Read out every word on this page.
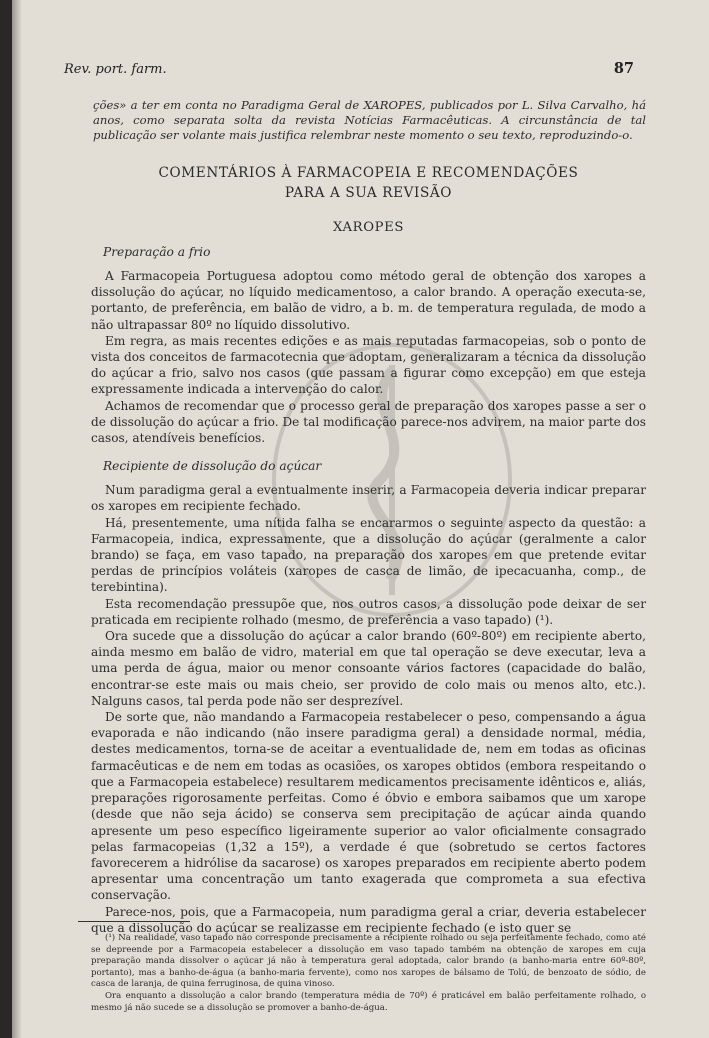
Rev. port. farm.	87

ções» a ter em conta no Paradigma Geral de XAROPES, publicados por L. Silva Carvalho, há anos, como separata solta da revista Notícias Farmacêuticas. A circunstância de tal publicação ser volante mais justifica relembrar neste momento o seu texto, reproduzindo-o.

COMENTÁRIOS À FARMACOPEIA E RECOMENDAÇÕES

PARA A SUA REVISÃO

XAROPES

Preparação a frio

A Farmacopeia Portuguesa adoptou como método geral de obtenção dos xaropes a dissolução do açúcar, no líquido medicamentoso, a calor brando. A operação executa-se, portanto, de preferência, em balão de vidro, a b. m. de temperatura regulada, de modo a não ultrapassar 80º no líquido dissolutivo.

Em regra, as mais recentes edições e as mais reputadas farmacopeias, sob o ponto de vista dos conceitos de farmacotecnia que adoptam, generalizaram a técnica da dissolução do açúcar a frio, salvo nos casos (que passam a figurar como excepção) em que esteja expressamente indicada a intervenção do calor.

Achamos de recomendar que o processo geral de preparação dos xaropes passe a ser o de dissolução do açúcar a frio. De tal modificação parece-nos advirem, na maior parte dos casos, atendíveis benefícios.

Recipiente de dissolução do açúcar

Num paradigma geral a eventualmente inserir, a Farmacopeia deveria indicar preparar os xaropes em recipiente fechado.

Há, presentemente, uma nítida falha se encararmos o seguinte aspecto da questão: a Farmacopeia, indica, expressamente, que a dissolução do açúcar (geralmente a calor brando) se faça, em vaso tapado, na preparação dos xaropes em que pretende evitar perdas de princípios voláteis (xaropes de casca de limão, de ipecacuanha, comp., de terebintina).

Esta recomendação pressupõe que, nos outros casos, a dissolução pode deixar de ser praticada em recipiente rolhado (mesmo, de preferência a vaso tapado) (¹).

Ora sucede que a dissolução do açúcar a calor brando (60º-80º) em recipiente aberto, ainda mesmo em balão de vidro, material em que tal operação se deve executar, leva a uma perda de água, maior ou menor consoante vários factores (capacidade do balão, encontrar-se este mais ou mais cheio, ser provido de colo mais ou menos alto, etc.). Nalguns casos, tal perda pode não ser desprezível.

De sorte que, não mandando a Farmacopeia restabelecer o peso, compensando a água evaporada e não indicando (não insere paradigma geral) a densidade normal, média, destes medicamentos, torna-se de aceitar a eventualidade de, nem em todas as oficinas farmacêuticas e de nem em todas as ocasiões, os xaropes obtidos (embora respeitando o que a Farmacopeia estabelece) resultarem medicamentos precisamente idênticos e, aliás, preparações rigorosamente perfeitas. Como é óbvio e embora saibamos que um xarope (desde que não seja ácido) se conserva sem precipitação de açúcar ainda quando apresente um peso específico ligeiramente superior ao valor oficialmente consagrado pelas farmacopeias (1,32 a 15º), a verdade é que (sobretudo se certos factores favorecerem a hidrólise da sacarose) os xaropes preparados em recipiente aberto podem apresentar uma concentração um tanto exagerada que comprometa a sua efectiva conservação.

Parece-nos, pois, que a Farmacopeia, num paradigma geral a criar, deveria estabelecer que a dissolução do açúcar se realizasse em recipiente fechado (e isto quer se

(¹) Na realidade, vaso tapado não corresponde precisamente a recipiente rolhado ou seja perfeitamente fechado, como até se depreende por a Farmacopeia estabelecer a dissolução em vaso tapado também na obtenção de xaropes em cuja preparação manda dissolver o açúcar já não à temperatura geral adoptada, calor brando (a banho-maria entre 60º-80º, portanto), mas a banho-de-água (a banho-maria fervente), como nos xaropes de bálsamo de Tolú, de benzoato de sódio, de casca de laranja, de quina ferruginosa, de quina vinoso.

Ora enquanto a dissolução a calor brando (temperatura média de 70º) é praticável em balão perfeitamente rolhado, o mesmo já não sucede se a dissolução se promover a banho-de-água.
